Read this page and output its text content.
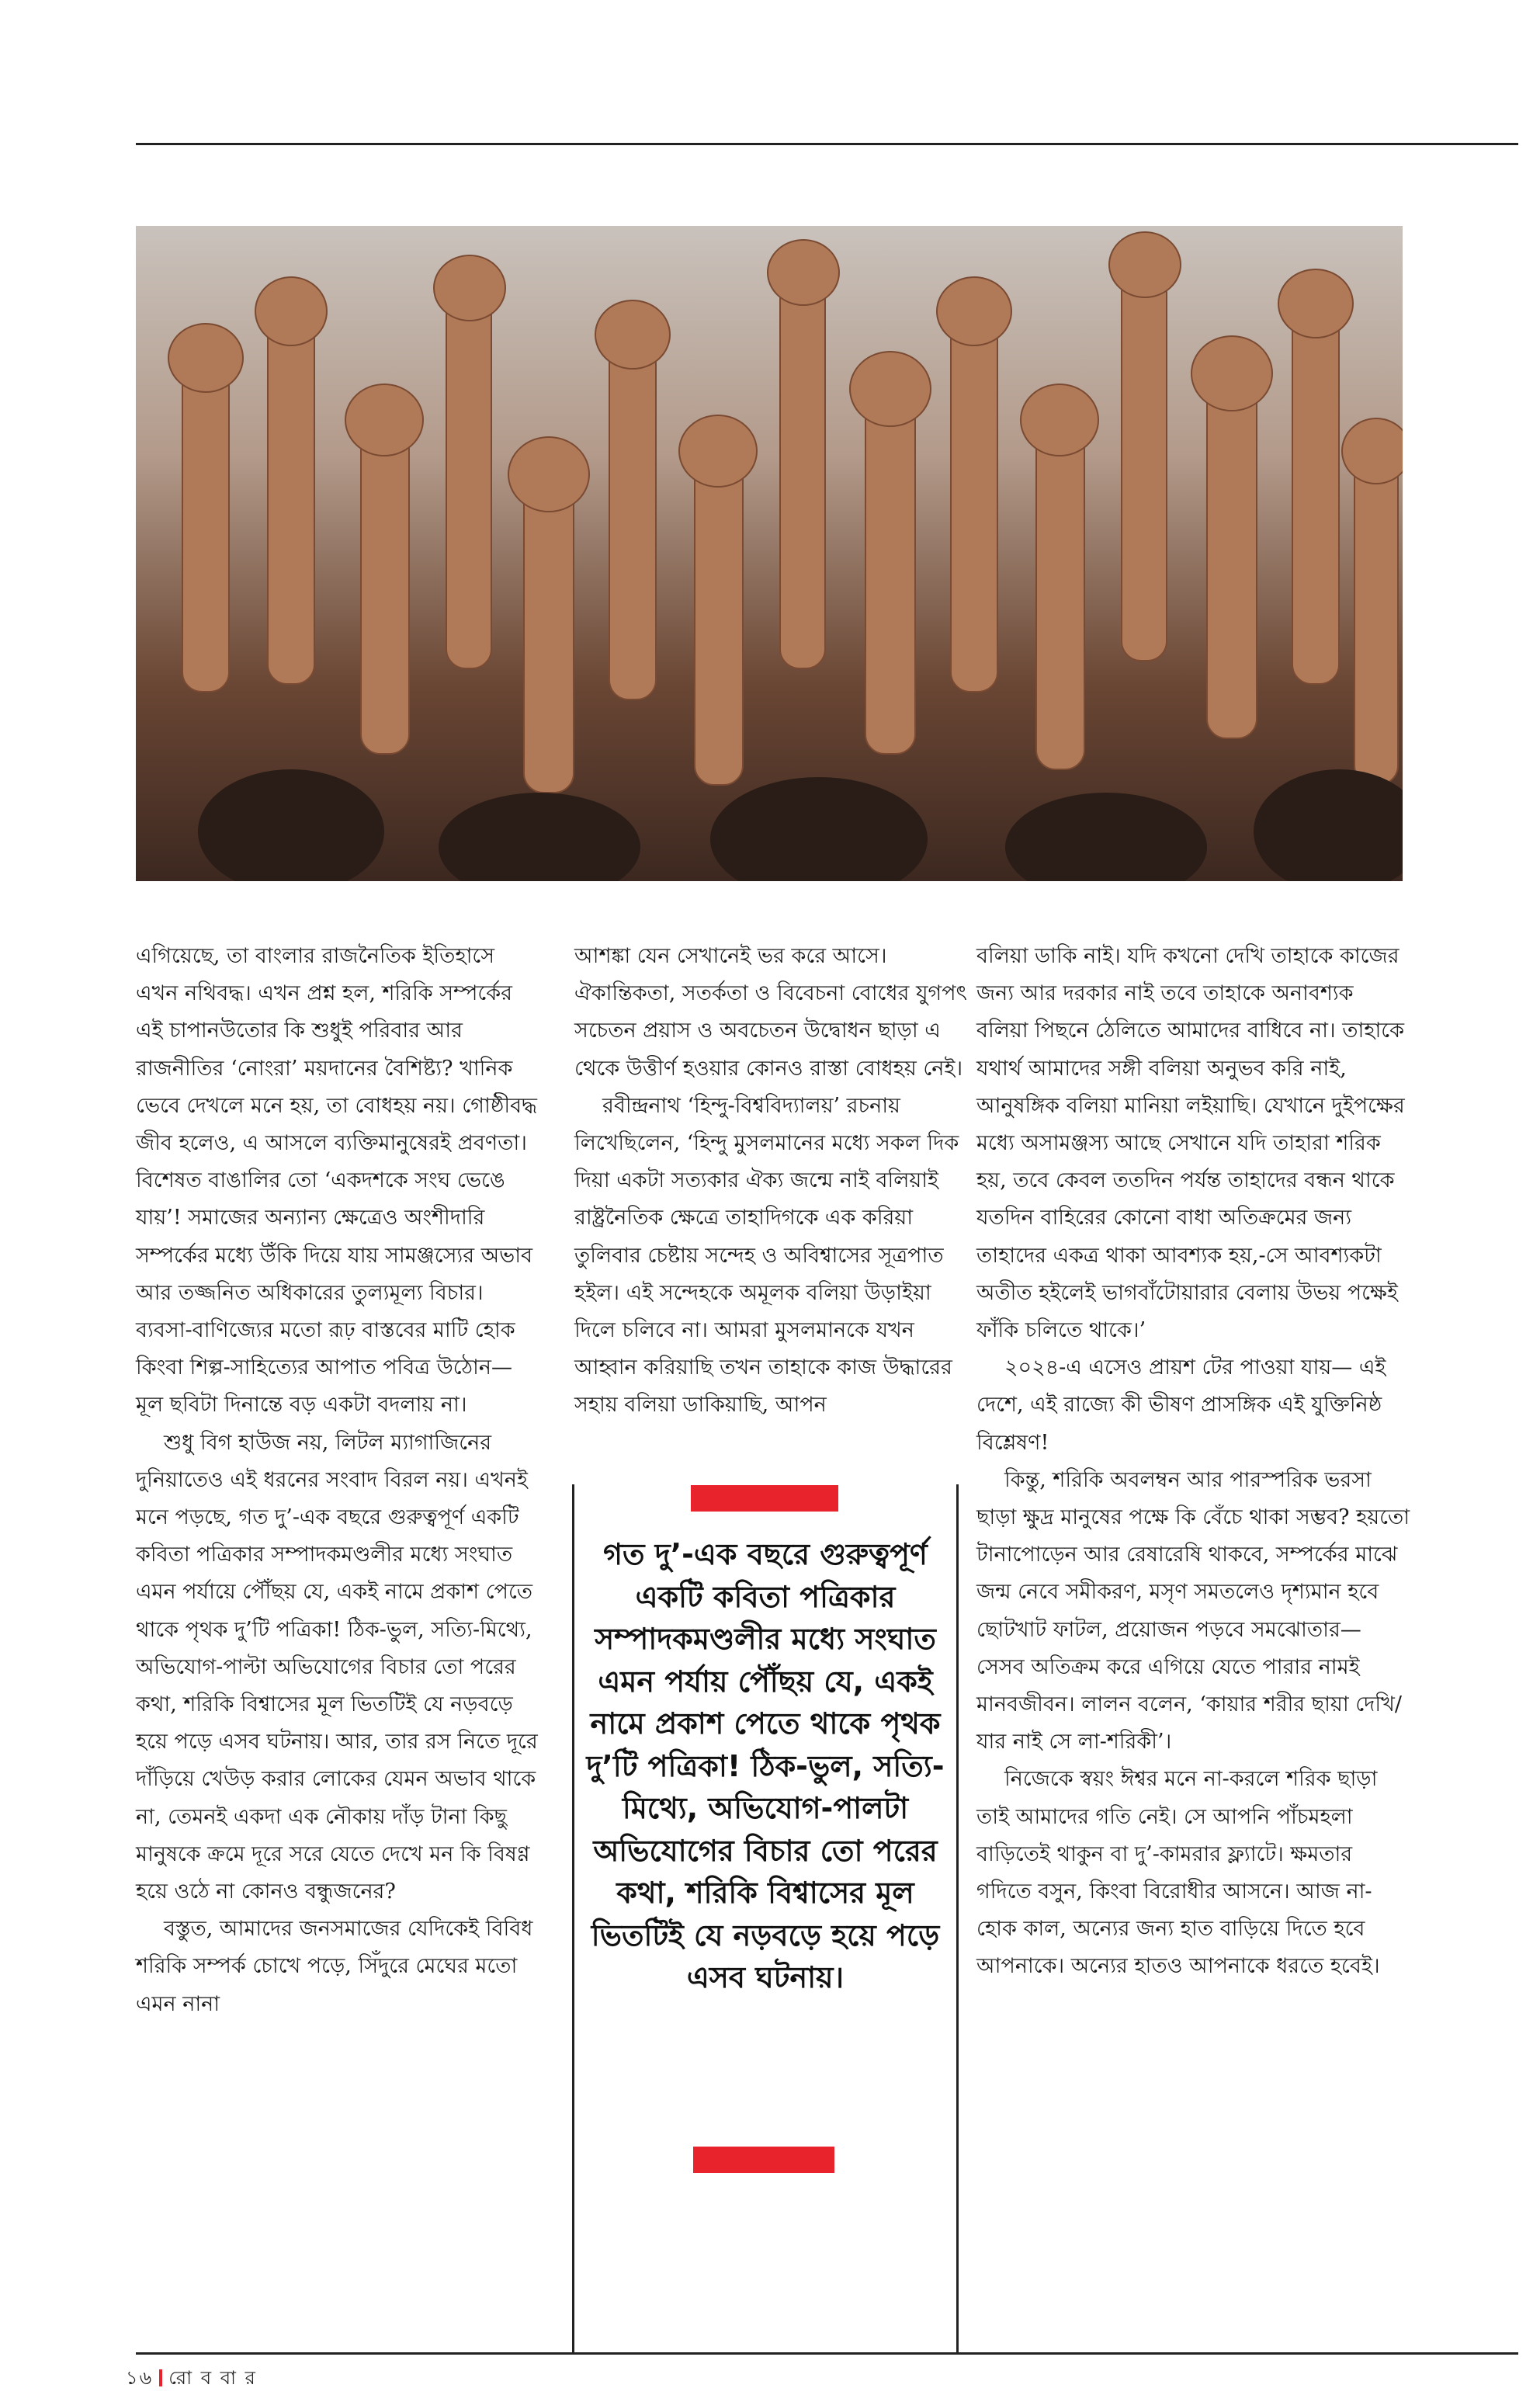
এগিয়েছে, তা বাংলার রাজনৈতিক ইতিহাসে এখন নথিবদ্ধ। এখন প্রশ্ন হল, শরিকি সম্পর্কের এই চাপানউতোর কি শুধুই পরিবার আর রাজনীতির ‘নোংরা’ ময়দানের বৈশিষ্ট্য? খানিক ভেবে দেখলে মনে হয়, তা বোধহয় নয়। গোষ্ঠীবদ্ধ জীব হলেও, এ আসলে ব্যক্তিমানুষেরই প্রবণতা। বিশেষত বাঙালির তো ‘একদশকে সংঘ ভেঙে যায়’! সমাজের অন্যান্য ক্ষেত্রেও অংশীদারি সম্পর্কের মধ্যে উঁকি দিয়ে যায় সামঞ্জস্যের অভাব আর তজ্জনিত অধিকারের তুল্যমূল্য বিচার। ব্যবসা-বাণিজ্যের মতো রূঢ় বাস্তবের মাটি হোক কিংবা শিল্প-সাহিত্যের আপাত পবিত্র উঠোন— মূল ছবিটা দিনান্তে বড় একটা বদলায় না।

শুধু বিগ হাউজ নয়, লিটল ম্যাগাজিনের দুনিয়াতেও এই ধরনের সংবাদ বিরল নয়। এখনই মনে পড়ছে, গত দু’-এক বছরে গুরুত্বপূর্ণ একটি কবিতা পত্রিকার সম্পাদকমণ্ডলীর মধ্যে সংঘাত এমন পর্যায়ে পৌঁছয় যে, একই নামে প্রকাশ পেতে থাকে পৃথক দু’টি পত্রিকা! ঠিক-ভুল, সত্যি-মিথ্যে, অভিযোগ-পাল্টা অভিযোগের বিচার তো পরের কথা, শরিকি বিশ্বাসের মূল ভিতটিই যে নড়বড়ে হয়ে পড়ে এসব ঘটনায়। আর, তার রস নিতে দূরে দাঁড়িয়ে খেউড় করার লোকের যেমন অভাব থাকে না, তেমনই একদা এক নৌকায় দাঁড় টানা কিছু মানুষকে ক্রমে দূরে সরে যেতে দেখে মন কি বিষণ্ণ হয়ে ওঠে না কোনও বন্ধুজনের?

বস্তুত, আমাদের জনসমাজের যেদিকেই বিবিধ শরিকি সম্পর্ক চোখে পড়ে, সিঁদুরে মেঘের মতো এমন নানা

আশঙ্কা যেন সেখানেই ভর করে আসে। ঐকান্তিকতা, সতর্কতা ও বিবেচনা বোধের যুগপৎ সচেতন প্রয়াস ও অবচেতন উদ্বোধন ছাড়া এ থেকে উত্তীর্ণ হওয়ার কোনও রাস্তা বোধহয় নেই।

রবীন্দ্রনাথ ‘হিন্দু-বিশ্ববিদ্যালয়’ রচনায় লিখেছিলেন, ‘হিন্দু মুসলমানের মধ্যে সকল দিক দিয়া একটা সত্যকার ঐক্য জন্মে নাই বলিয়াই রাষ্ট্রনৈতিক ক্ষেত্রে তাহাদিগকে এক করিয়া তুলিবার চেষ্টায় সন্দেহ ও অবিশ্বাসের সূত্রপাত হইল। এই সন্দেহকে অমূলক বলিয়া উড়াইয়া দিলে চলিবে না। আমরা মুসলমানকে যখন আহ্বান করিয়াছি তখন তাহাকে কাজ উদ্ধারের সহায় বলিয়া ডাকিয়াছি, আপন

গত দু’-এক বছরে গুরুত্বপূর্ণ একটি কবিতা পত্রিকার সম্পাদকমণ্ডলীর মধ্যে সংঘাত এমন পর্যায় পৌঁছয় যে, একই নামে প্রকাশ পেতে থাকে পৃথক দু’টি পত্রিকা! ঠিক-ভুল, সত্যি-মিথ্যে, অভিযোগ-পালটা অভিযোগের বিচার তো পরের কথা, শরিকি বিশ্বাসের মূল ভিতটিই যে নড়বড়ে হয়ে পড়ে এসব ঘটনায়।

বলিয়া ডাকি নাই। যদি কখনো দেখি তাহাকে কাজের জন্য আর দরকার নাই তবে তাহাকে অনাবশ্যক বলিয়া পিছনে ঠেলিতে আমাদের বাধিবে না। তাহাকে যথার্থ আমাদের সঙ্গী বলিয়া অনুভব করি নাই, আনুষঙ্গিক বলিয়া মানিয়া লইয়াছি। যেখানে দুইপক্ষের মধ্যে অসামঞ্জস্য আছে সেখানে যদি তাহারা শরিক হয়, তবে কেবল ততদিন পর্যন্ত তাহাদের বন্ধন থাকে যতদিন বাহিরের কোনো বাধা অতিক্রমের জন্য তাহাদের একত্র থাকা আবশ্যক হয়,-সে আবশ্যকটা অতীত হইলেই ভাগবাঁটোয়ারার বেলায় উভয় পক্ষেই ফাঁকি চলিতে থাকে।’

২০২৪-এ এসেও প্রায়শ টের পাওয়া যায়— এই দেশে, এই রাজ্যে কী ভীষণ প্রাসঙ্গিক এই যুক্তিনিষ্ঠ বিশ্লেষণ!

কিন্তু, শরিকি অবলম্বন আর পারস্পরিক ভরসা ছাড়া ক্ষুদ্র মানুষের পক্ষে কি বেঁচে থাকা সম্ভব? হয়তো টানাপোড়েন আর রেষারেষি থাকবে, সম্পর্কের মাঝে জন্ম নেবে সমীকরণ, মসৃণ সমতলেও দৃশ্যমান হবে ছোটখাট ফাটল, প্রয়োজন পড়বে সমঝোতার— সেসব অতিক্রম করে এগিয়ে যেতে পারার নামই মানবজীবন। লালন বলেন, ‘কায়ার শরীর ছায়া দেখি/ যার নাই সে লা-শরিকী’।

নিজেকে স্বয়ং ঈশ্বর মনে না-করলে শরিক ছাড়া তাই আমাদের গতি নেই। সে আপনি পাঁচমহলা বাড়িতেই থাকুন বা দু’-কামরার ফ্ল্যাটে। ক্ষমতার গদিতে বসুন, কিংবা বিরোধীর আসনে। আজ না-হোক কাল, অন্যের জন্য হাত বাড়িয়ে দিতে হবে আপনাকে। অন্যের হাতও আপনাকে ধরতে হবেই।

১৬ রো ব বা র
